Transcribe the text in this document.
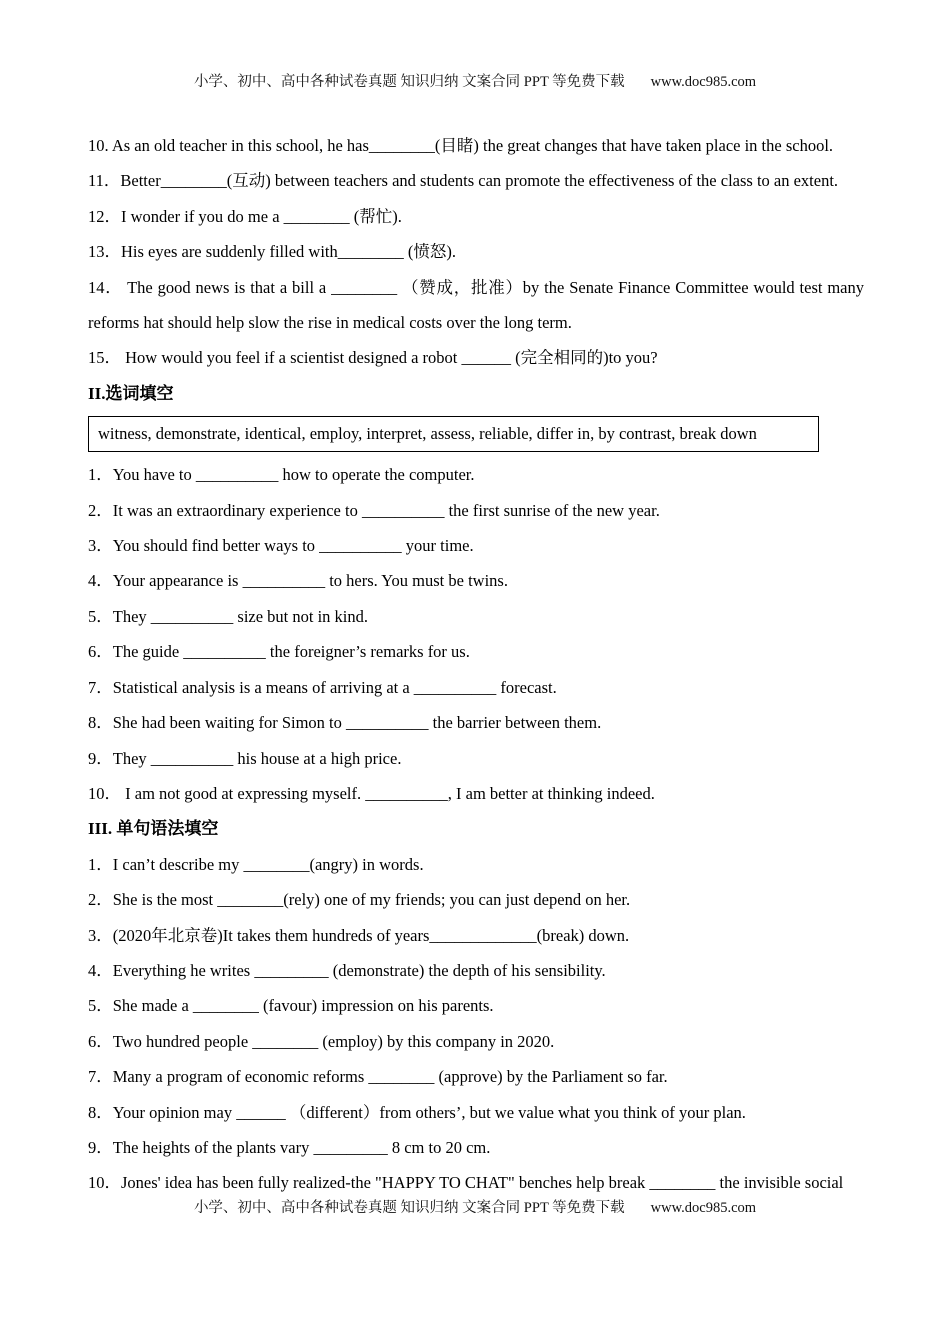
小学、初中、高中各种试卷真题 知识归纳 文案合同 PPT 等免费下载 www.doc985.com

10. As an old teacher in this school, he has________(目睹) the great changes that have taken place in the school.

11．Better________(互动) between teachers and students can promote the effectiveness of the class to an extent.

12．I wonder if you do me a ________ (帮忙).

13．His eyes are suddenly filled with________ (愤怒).

14． The good news is that a bill a ________ （赞成，批准）by the Senate Finance Committee would test many reforms hat should help slow the rise in medical costs over the long term.

15． How would you feel if a scientist designed a robot ______ (完全相同的)to you?

II.选词填空

witness, demonstrate, identical, employ, interpret, assess, reliable, differ in, by contrast, break down

1．You have to __________ how to operate the computer.

2．It was an extraordinary experience to __________ the first sunrise of the new year.

3．You should find better ways to __________ your time.

4．Your appearance is __________ to hers. You must be twins.

5．They __________ size but not in kind.

6．The guide __________ the foreigner’s remarks for us.

7．Statistical analysis is a means of arriving at a __________ forecast.

8．She had been waiting for Simon to __________ the barrier between them.

9．They __________ his house at a high price.

10． I am not good at expressing myself. __________, I am better at thinking indeed.

III. 单句语法填空

1．I can’t describe my ________(angry) in words.

2．She is the most ________(rely) one of my friends; you can just depend on her.

3．(2020年北京卷)It takes them hundreds of years_____________(break) down.

4．Everything he writes _________ (demonstrate) the depth of his sensibility.

5．She made a ________ (favour) impression on his parents.

6．Two hundred people ________ (employ) by this company in 2020.

7．Many a program of economic reforms ________ (approve) by the Parliament so far.

8．Your opinion may ______ （different）from others’, but we value what you think of your plan.

9．The heights of the plants vary _________ 8 cm to 20 cm.

10．Jones' idea has been fully realized-the "HAPPY TO CHAT" benches help break ________ the invisible social

小学、初中、高中各种试卷真题 知识归纳 文案合同 PPT 等免费下载 www.doc985.com
